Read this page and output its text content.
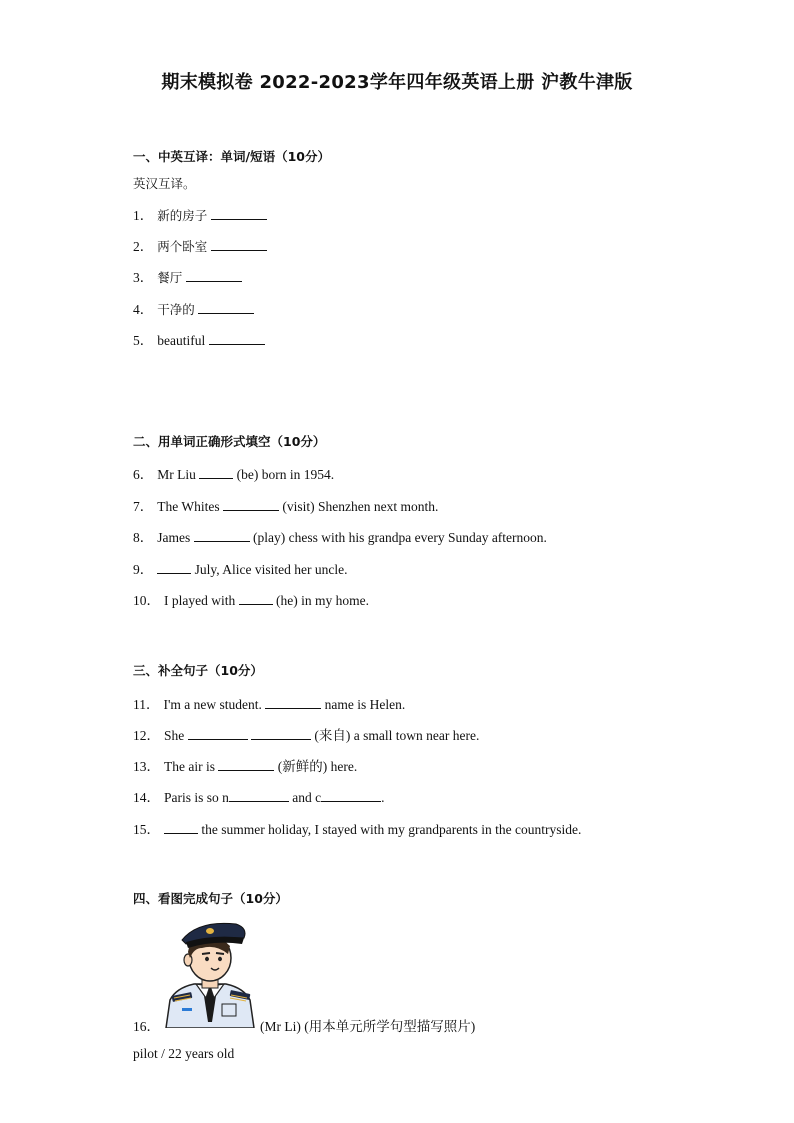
期末模拟卷 2022-2023学年四年级英语上册 沪教牛津版
一、中英互译：单词/短语（10分）
英汉互译。
1． 新的房子
2． 两个卧室
3． 餐厅
4． 干净的
5． beautiful
二、用单词正确形式填空（10分）
6． Mr Liu	(be) born in 1954.
7． The Whites	(visit) Shenzhen next month.
8． James	(play) chess with his grandpa every Sunday afternoon.
9．	July, Alice visited her uncle.
10． I played with	(he) in my home.
三、补全句子（10分）
11． I'm a new student.	name is Helen.
12． She	(来自) a small town near here.
13． The air is	(新鲜的) here.
14． Paris is so n	and c	.
15．	the summer holiday, I stayed with my grandparents in the countryside.
四、看图完成句子（10分）
16．	(Mr Li) (用本单元所学句型描写照片)
pilot / 22 years old
